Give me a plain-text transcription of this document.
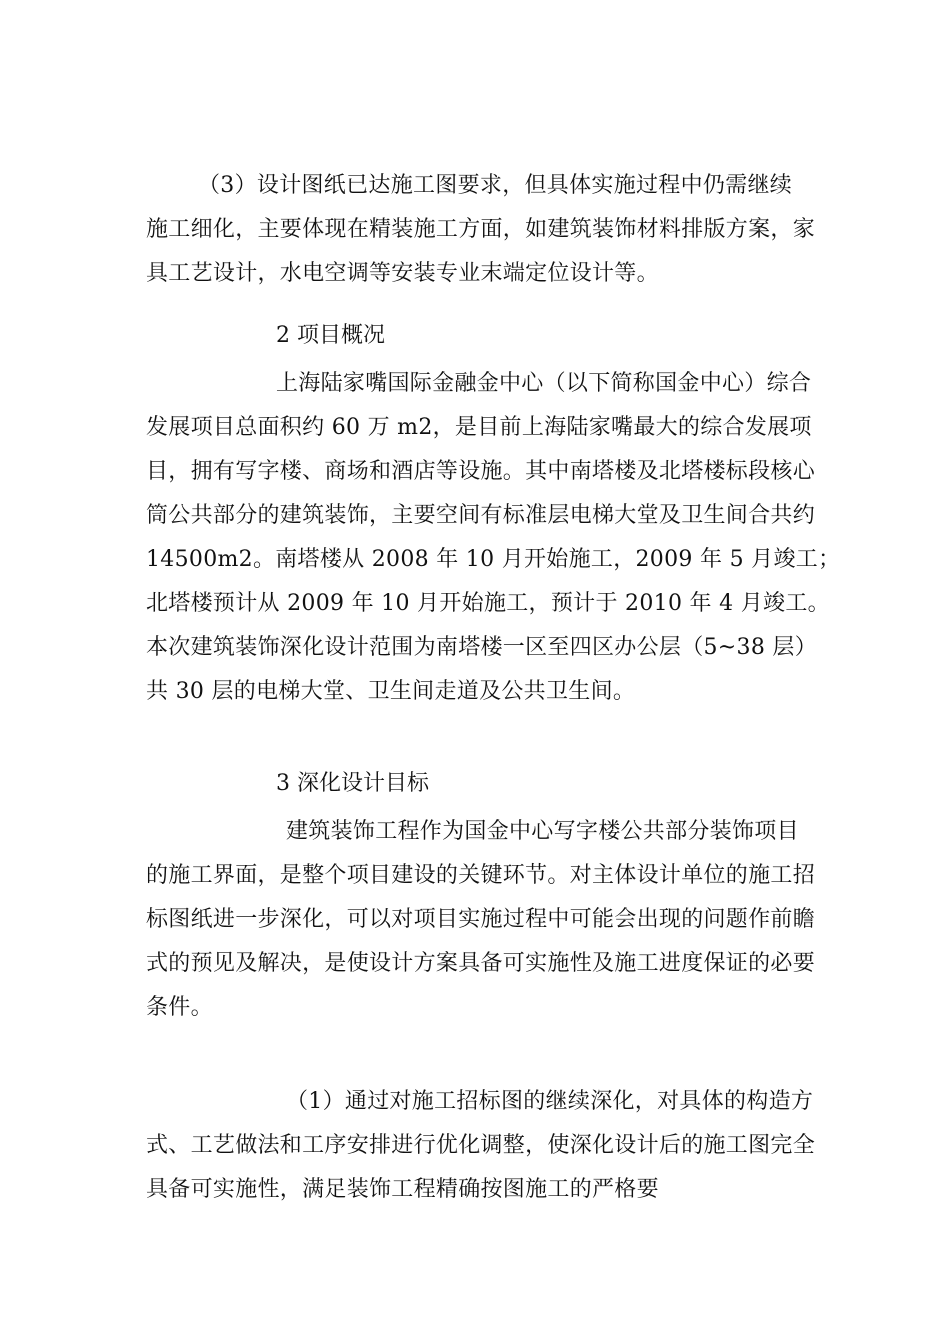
（3）设计图纸已达施工图要求，但具体实施过程中仍需继续
施工细化，主要体现在精装施工方面，如建筑装饰材料排版方案，家
具工艺设计，水电空调等安装专业末端定位设计等。
2 项目概况
上海陆家嘴国际金融金中心（以下简称国金中心）综合
发展项目总面积约 60 万 m2，是目前上海陆家嘴最大的综合发展项
目，拥有写字楼、商场和酒店等设施。其中南塔楼及北塔楼标段核心
筒公共部分的建筑装饰，主要空间有标准层电梯大堂及卫生间合共约
14500m2。南塔楼从 2008 年 10 月开始施工，2009 年 5 月竣工；
北塔楼预计从 2009 年 10 月开始施工，预计于 2010 年 4 月竣工。
本次建筑装饰深化设计范围为南塔楼一区至四区办公层（5~38 层）
共 30 层的电梯大堂、卫生间走道及公共卫生间。
3 深化设计目标
建筑装饰工程作为国金中心写字楼公共部分装饰项目
的施工界面，是整个项目建设的关键环节。对主体设计单位的施工招
标图纸进一步深化，可以对项目实施过程中可能会出现的问题作前瞻
式的预见及解决，是使设计方案具备可实施性及施工进度保证的必要
条件。
（1）通过对施工招标图的继续深化，对具体的构造方
式、工艺做法和工序安排进行优化调整，使深化设计后的施工图完全
具备可实施性，满足装饰工程精确按图施工的严格要
